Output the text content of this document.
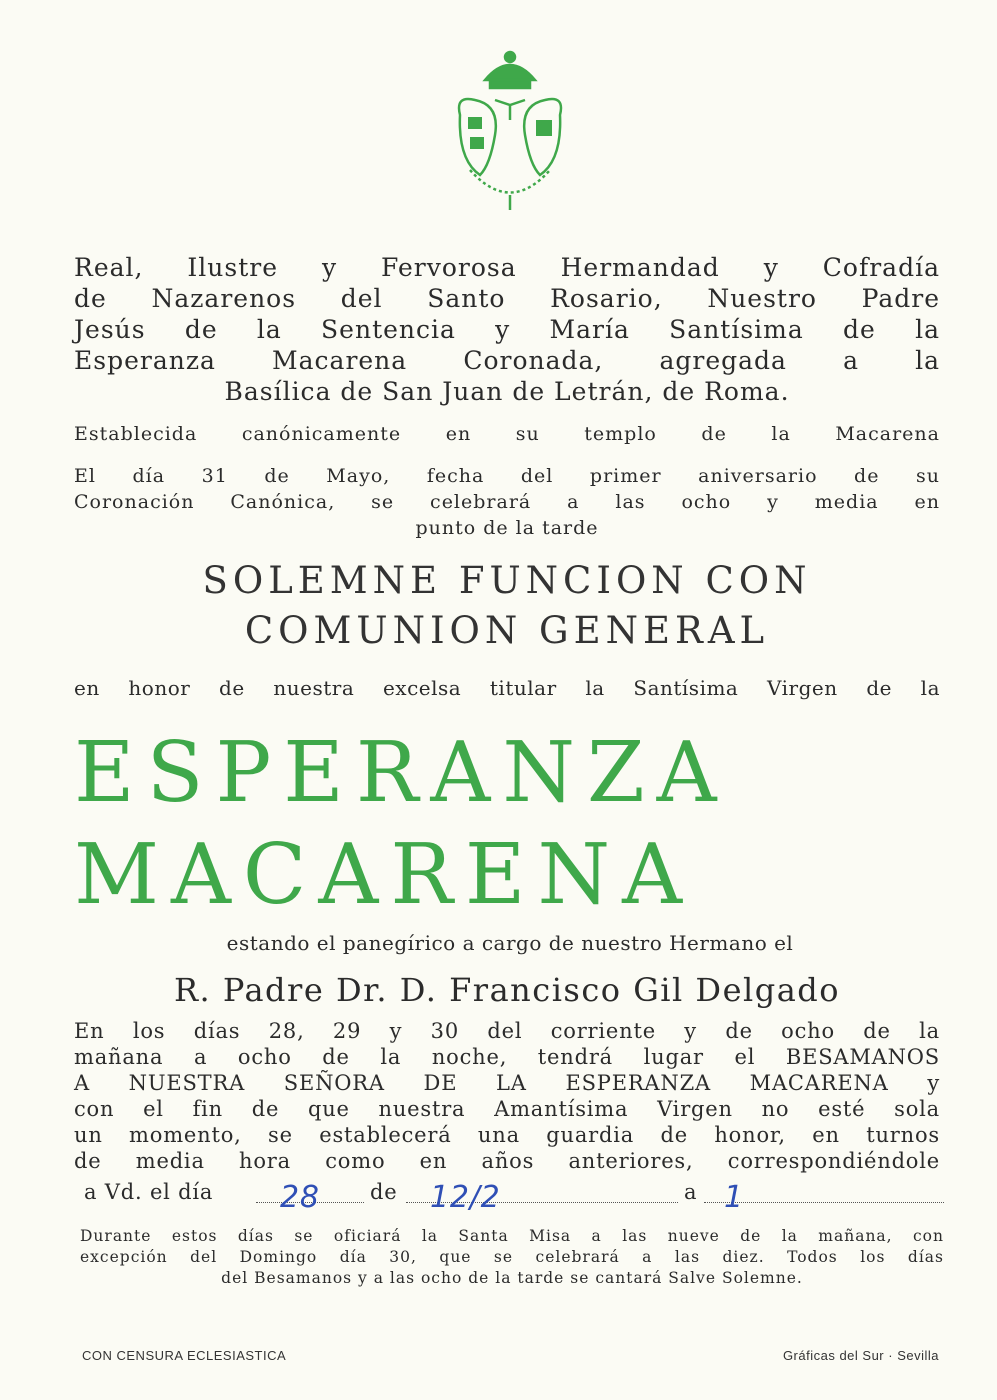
Real, Ilustre y Fervorosa Hermandad y Cofradía
de Nazarenos del Santo Rosario, Nuestro Padre
Jesús de la Sentencia y María Santísima de la
Esperanza Macarena Coronada, agregada a la
Basílica de San Juan de Letrán, de Roma.
Establecida canónicamente en su templo de la Macarena
El día 31 de Mayo, fecha del primer aniversario de su
Coronación Canónica, se celebrará a las ocho y media en
punto de la tarde
SOLEMNE FUNCION CON
COMUNION GENERAL
en honor de nuestra excelsa titular la Santísima Virgen de la
ESPERANZA
MACARENA
estando el panegírico a cargo de nuestro Hermano el
R. Padre Dr. D. Francisco Gil Delgado
En los días 28, 29 y 30 del corriente y de ocho de la
mañana a ocho de la noche, tendrá lugar el BESAMANOS
A NUESTRA SEÑORA DE LA ESPERANZA MACARENA y
con el fin de que nuestra Amantísima Virgen no esté sola
un momento, se establecerá una guardia de honor, en turnos
de media hora como en años anteriores, correspondiéndole
a Vd. el día 28 de 12/2	a 1
Durante estos días se oficiará la Santa Misa a las nueve de la mañana, con
excepción del Domingo día 30, que se celebrará a las diez. Todos los días
del Besamanos y a las ocho de la tarde se cantará Salve Solemne.
CON CENSURA ECLESIASTICA	Gráficas del Sur · Sevilla
